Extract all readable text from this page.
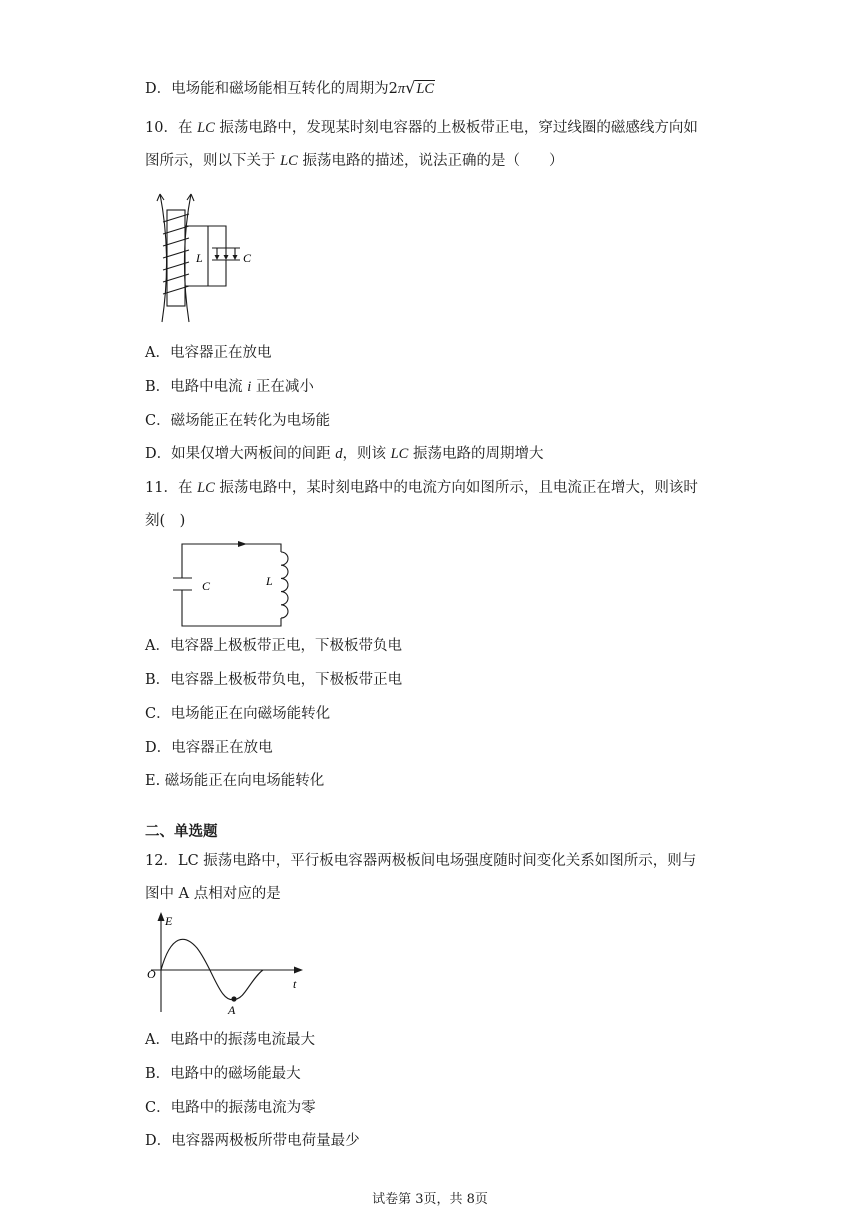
D．电场能和磁场能相互转化的周期为2π√LC
10．在 LC 振荡电路中，发现某时刻电容器的上极板带正电，穿过线圈的磁感线方向如
图所示，则以下关于 LC 振荡电路的描述，说法正确的是（　　）
L	C
A．电容器正在放电
B．电路中电流 i 正在减小
C．磁场能正在转化为电场能
D．如果仅增大两板间的间距 d，则该 LC 振荡电路的周期增大
11．在 LC 振荡电路中，某时刻电路中的电流方向如图所示，且电流正在增大，则该时
刻(　)
C	L
A．电容器上极板带正电，下极板带负电
B．电容器上极板带负电，下极板带正电
C．电场能正在向磁场能转化
D．电容器正在放电
E. 磁场能正在向电场能转化
二、单选题
12．LC 振荡电路中，平行板电容器两极板间电场强度随时间变化关系如图所示，则与
图中 A 点相对应的是
E
O
t
A
A．电路中的振荡电流最大
B．电路中的磁场能最大
C．电路中的振荡电流为零
D．电容器两极板所带电荷量最少
试卷第 3页，共 8页
